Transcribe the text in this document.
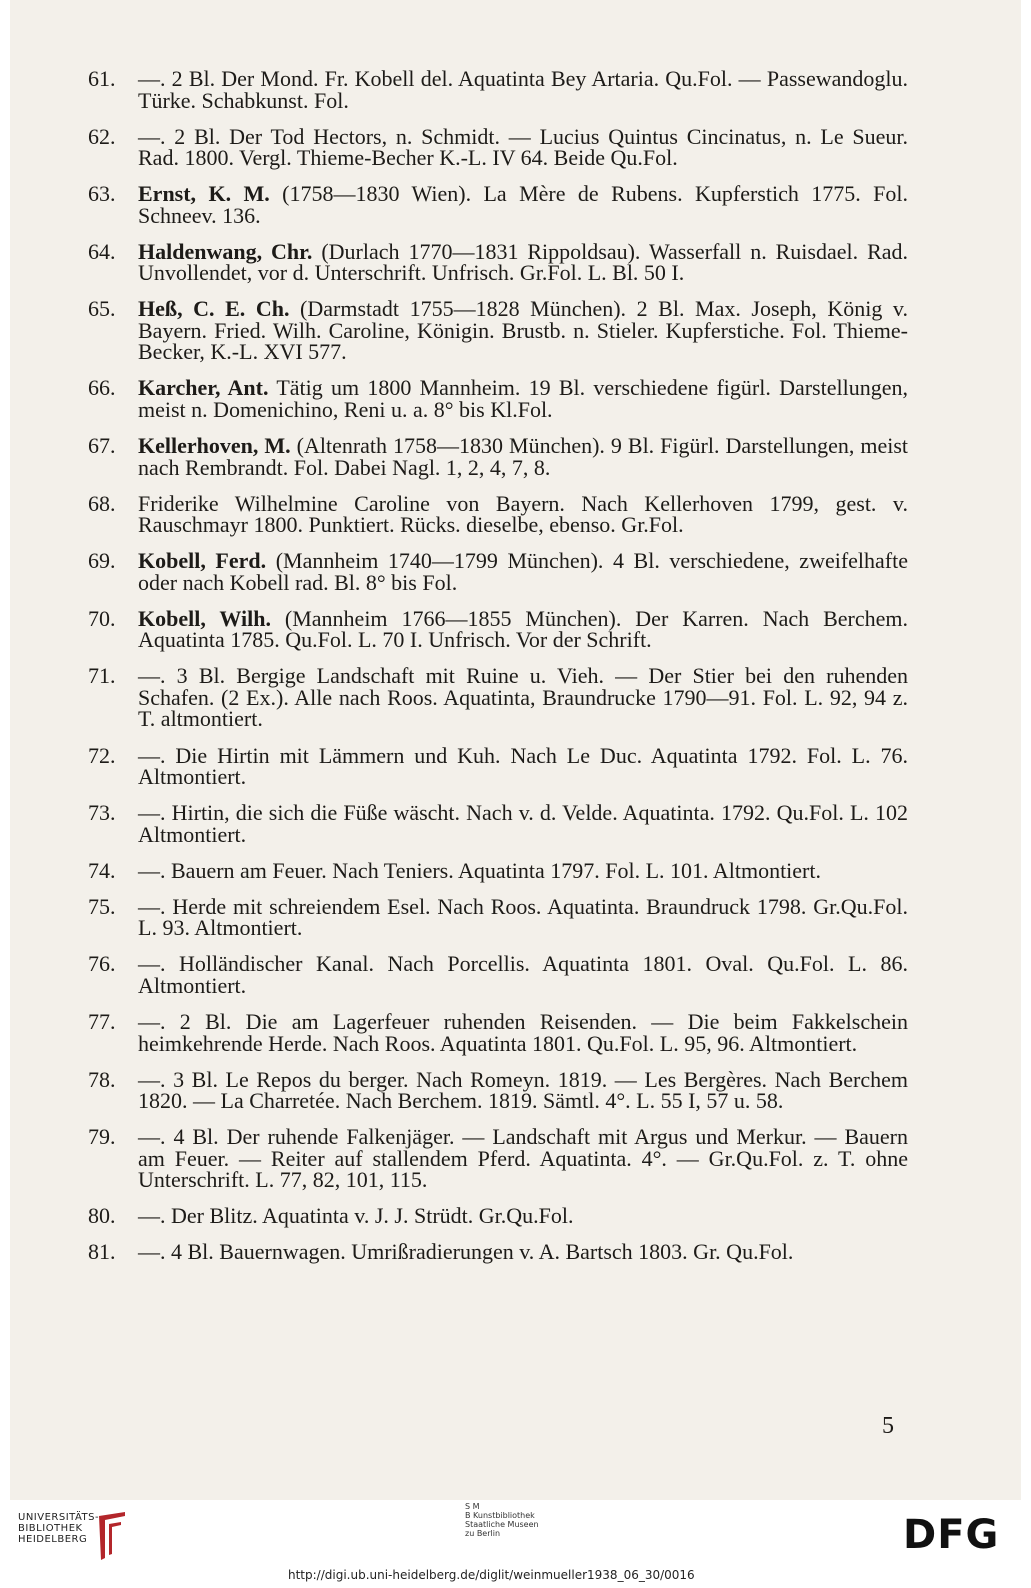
61. —. 2 Bl. Der Mond. Fr. Kobell del. Aquatinta Bey Artaria. Qu.Fol. — Passewandoglu. Türke. Schabkunst. Fol.
62. —. 2 Bl. Der Tod Hectors, n. Schmidt. — Lucius Quintus Cincinatus, n. Le Sueur. Rad. 1800. Vergl. Thieme-Becher K.-L. IV 64. Beide Qu.Fol.
63. Ernst, K. M. (1758—1830 Wien). La Mère de Rubens. Kupferstich 1775. Fol. Schneev. 136.
64. Haldenwang, Chr. (Durlach 1770—1831 Rippoldsau). Wasserfall n. Ruisdael. Rad. Unvollendet, vor d. Unterschrift. Unfrisch. Gr.Fol. L. Bl. 50 I.
65. Heß, C. E. Ch. (Darmstadt 1755—1828 München). 2 Bl. Max. Joseph, König v. Bayern. Fried. Wilh. Caroline, Königin. Brustb. n. Stieler. Kupferstiche. Fol. Thieme-Becker, K.-L. XVI 577.
66. Karcher, Ant. Tätig um 1800 Mannheim. 19 Bl. verschiedene figürl. Darstellungen, meist n. Domenichino, Reni u. a. 8° bis Kl.Fol.
67. Kellerhoven, M. (Altenrath 1758—1830 München). 9 Bl. Figürl. Darstellungen, meist nach Rembrandt. Fol. Dabei Nagl. 1, 2, 4, 7, 8.
68. Friderike Wilhelmine Caroline von Bayern. Nach Kellerhoven 1799, gest. v. Rauschmayr 1800. Punktiert. Rücks. dieselbe, ebenso. Gr.Fol.
69. Kobell, Ferd. (Mannheim 1740—1799 München). 4 Bl. verschiedene, zweifelhafte oder nach Kobell rad. Bl. 8° bis Fol.
70. Kobell, Wilh. (Mannheim 1766—1855 München). Der Karren. Nach Berchem. Aquatinta 1785. Qu.Fol. L. 70 I. Unfrisch. Vor der Schrift.
71. —. 3 Bl. Bergige Landschaft mit Ruine u. Vieh. — Der Stier bei den ruhenden Schafen. (2 Ex.). Alle nach Roos. Aquatinta, Braundrucke 1790—91. Fol. L. 92, 94 z. T. altmontiert.
72. —. Die Hirtin mit Lämmern und Kuh. Nach Le Duc. Aquatinta 1792. Fol. L. 76. Altmontiert.
73. —. Hirtin, die sich die Füße wäscht. Nach v. d. Velde. Aquatinta. 1792. Qu.Fol. L. 102 Altmontiert.
74. —. Bauern am Feuer. Nach Teniers. Aquatinta 1797. Fol. L. 101. Altmontiert.
75. —. Herde mit schreiendem Esel. Nach Roos. Aquatinta. Braundruck 1798. Gr.Qu.Fol. L. 93. Altmontiert.
76. —. Holländischer Kanal. Nach Porcellis. Aquatinta 1801. Oval. Qu.Fol. L. 86. Altmontiert.
77. —. 2 Bl. Die am Lagerfeuer ruhenden Reisenden. — Die beim Fakkelschein heimkehrende Herde. Nach Roos. Aquatinta 1801. Qu.Fol. L. 95, 96. Altmontiert.
78. —. 3 Bl. Le Repos du berger. Nach Romeyn. 1819. — Les Bergères. Nach Berchem 1820. — La Charretée. Nach Berchem. 1819. Sämtl. 4°. L. 55 I, 57 u. 58.
79. —. 4 Bl. Der ruhende Falkenjäger. — Landschaft mit Argus und Merkur. — Bauern am Feuer. — Reiter auf stallendem Pferd. Aquatinta. 4°. — Gr.Qu.Fol. z. T. ohne Unterschrift. L. 77, 82, 101, 115.
80. —. Der Blitz. Aquatinta v. J. J. Strüdt. Gr.Qu.Fol.
81. —. 4 Bl. Bauernwagen. Umrißradierungen v. A. Bartsch 1803. Gr. Qu.Fol.
5
UNIVERSITÄTS-
BIBLIOTHEK
HEIDELBERG
S M
B Kunstbibliothek
Staatliche Museen
zu Berlin	DFG
http://digi.ub.uni-heidelberg.de/diglit/weinmueller1938_06_30/0016
